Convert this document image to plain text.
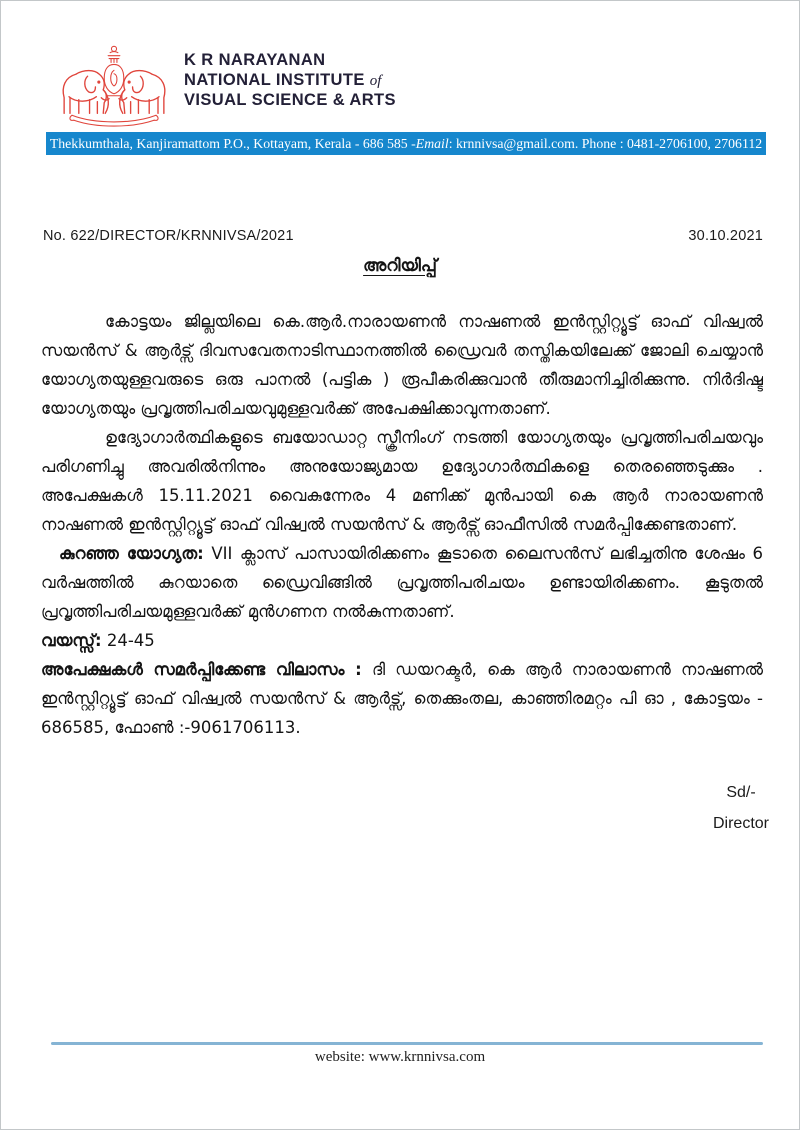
K R NARAYANAN
NATIONAL INSTITUTE of
VISUAL SCIENCE & ARTS
Thekkumthala, Kanjiramattom P.O., Kottayam, Kerala - 686 585 - Email : krnnivsa@gmail.com. Phone : 0481-2706100, 2706112
No. 622/DIRECTOR/KRNNIVSA/2021	30.10.2021
അറിയിപ്പ്

കോട്ടയം ജില്ലയിലെ കെ.ആർ.നാരായണൻ നാഷണൽ ഇൻസ്റ്റിറ്റ്യൂട്ട് ഓഫ് വിഷ്വൽ സയൻസ് & ആർട്സ് ദിവസവേതനാടിസ്ഥാനത്തിൽ ഡ്രൈവർ തസ്തികയിലേക്ക് ജോലി ചെയ്യാൻ യോഗ്യതയുള്ളവരുടെ ഒരു പാനൽ (പട്ടിക ) രൂപീകരിക്കുവാൻ തീരുമാനിച്ചിരിക്കുന്നു. നിർദിഷ്ട യോഗ്യതയും പ്രവൃത്തിപരിചയവുമുള്ളവർക്ക് അപേക്ഷിക്കാവുന്നതാണ്.

ഉദ്യോഗാർത്ഥികളുടെ ബയോഡാറ്റ സ്ക്രീനിംഗ് നടത്തി യോഗ്യതയും പ്രവൃത്തിപരിചയവും പരിഗണിച്ചു അവരിൽനിന്നും അനുയോജ്യമായ ഉദ്യോഗാർത്ഥികളെ തെരഞ്ഞെടുക്കും . അപേക്ഷകൾ 15.11.2021 വൈകുന്നേരം 4 മണിക്ക് മുൻപായി കെ ആർ നാരായണൻ നാഷണൽ ഇൻസ്റ്റിറ്റ്യൂട്ട് ഓഫ് വിഷ്വൽ സയൻസ് & ആർട്സ് ഓഫീസിൽ സമർപ്പിക്കേണ്ടതാണ്.

കുറഞ്ഞ യോഗ്യത: VII ക്ലാസ് പാസായിരിക്കണം കൂടാതെ ലൈസൻസ് ലഭിച്ചതിനു ശേഷം 6 വർഷത്തിൽ കുറയാതെ ഡ്രൈവിങ്ങിൽ പ്രവൃത്തിപരിചയം ഉണ്ടായിരിക്കണം. കൂടുതൽ പ്രവൃത്തിപരിചയമുള്ളവർക്ക് മുൻഗണന നൽകുന്നതാണ്.

വയസ്സ്: 24-45

അപേക്ഷകൾ സമർപ്പിക്കേണ്ട വിലാസം : ദി ഡയറക്ടർ, കെ ആർ നാരായണൻ നാഷണൽ ഇൻസ്റ്റിറ്റ്യൂട്ട് ഓഫ് വിഷ്വൽ സയൻസ് & ആർട്സ്, തെക്കുംതല, കാഞ്ഞിരമറ്റം പി ഓ , കോട്ടയം - 686585, ഫോൺ :-9061706113.

Sd/-
Director
website: www.krnnivsa.com
